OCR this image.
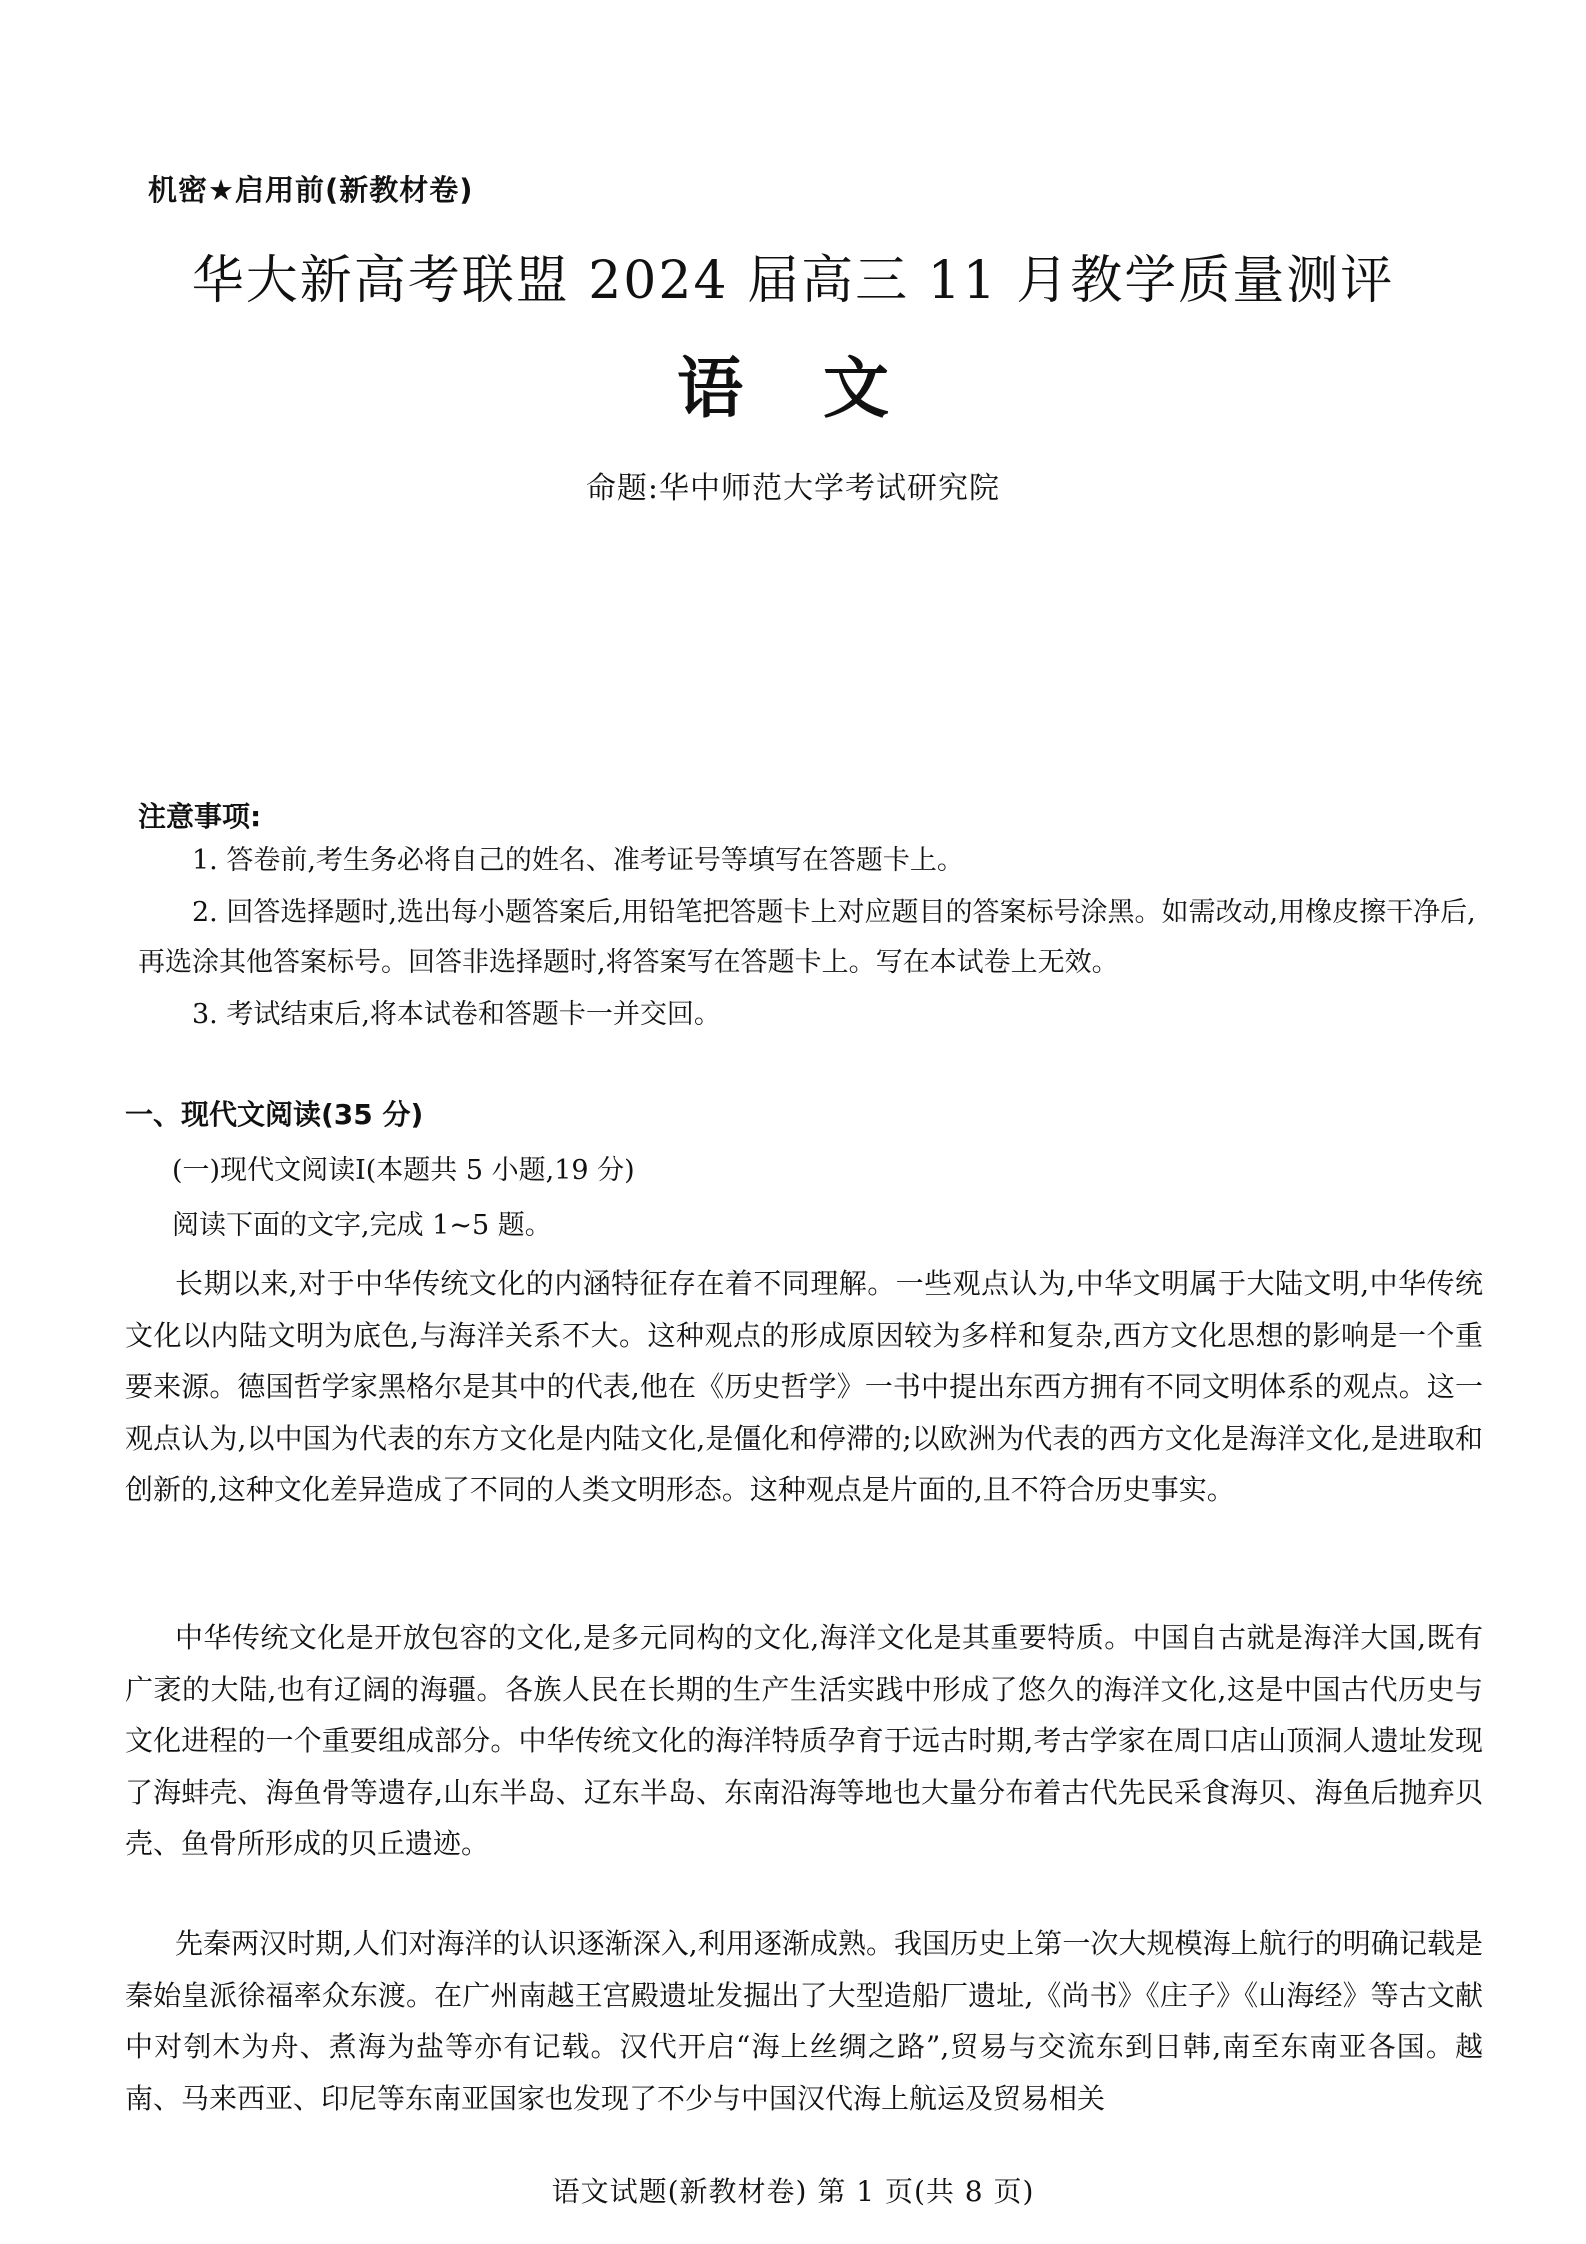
机密★启用前(新教材卷)
华大新高考联盟 2024 届高三 11 月教学质量测评
语文
命题:华中师范大学考试研究院
注意事项:
1. 答卷前,考生务必将自己的姓名、准考证号等填写在答题卡上。
2. 回答选择题时,选出每小题答案后,用铅笔把答题卡上对应题目的答案标号涂黑。如需改动,用橡皮擦干净后,再选涂其他答案标号。回答非选择题时,将答案写在答题卡上。写在本试卷上无效。
3. 考试结束后,将本试卷和答题卡一并交回。
一、现代文阅读(35 分)
(一)现代文阅读Ⅰ(本题共 5 小题,19 分)
阅读下面的文字,完成 1~5 题。
长期以来,对于中华传统文化的内涵特征存在着不同理解。一些观点认为,中华文明属于大陆文明,中华传统文化以内陆文明为底色,与海洋关系不大。这种观点的形成原因较为多样和复杂,西方文化思想的影响是一个重要来源。德国哲学家黑格尔是其中的代表,他在《历史哲学》一书中提出东西方拥有不同文明体系的观点。这一观点认为,以中国为代表的东方文化是内陆文化,是僵化和停滞的;以欧洲为代表的西方文化是海洋文化,是进取和创新的,这种文化差异造成了不同的人类文明形态。这种观点是片面的,且不符合历史事实。
中华传统文化是开放包容的文化,是多元同构的文化,海洋文化是其重要特质。中国自古就是海洋大国,既有广袤的大陆,也有辽阔的海疆。各族人民在长期的生产生活实践中形成了悠久的海洋文化,这是中国古代历史与文化进程的一个重要组成部分。中华传统文化的海洋特质孕育于远古时期,考古学家在周口店山顶洞人遗址发现了海蚌壳、海鱼骨等遗存,山东半岛、辽东半岛、东南沿海等地也大量分布着古代先民采食海贝、海鱼后抛弃贝壳、鱼骨所形成的贝丘遗迹。
先秦两汉时期,人们对海洋的认识逐渐深入,利用逐渐成熟。我国历史上第一次大规模海上航行的明确记载是秦始皇派徐福率众东渡。在广州南越王宫殿遗址发掘出了大型造船厂遗址,《尚书》《庄子》《山海经》等古文献中对刳木为舟、煮海为盐等亦有记载。汉代开启“海上丝绸之路”,贸易与交流东到日韩,南至东南亚各国。越南、马来西亚、印尼等东南亚国家也发现了不少与中国汉代海上航运及贸易相关
语文试题(新教材卷) 第 1 页(共 8 页)
